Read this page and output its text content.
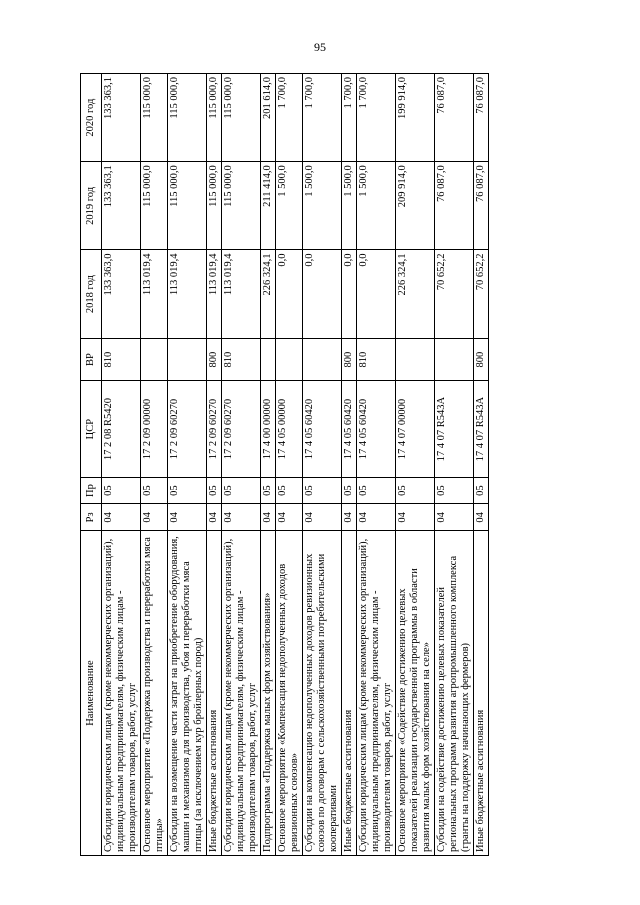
95
Наименование	Рз	Пр	ЦСР	ВР	2018 год	2019 год	2020 год
Субсидии юридическим лицам (кроме некоммерческих организаций), индивидуальным предпринимателям, физическим лицам - производителям товаров, работ, услуг	04	05	17 2 08 R5420	810	133 363,0	133 363,1	133 363,1
Основное мероприятие «Поддержка производства и переработки мяса птицы»	04	05	17 2 09 00000		113 019,4	115 000,0	115 000,0
Субсидии на возмещение части затрат на приобретение оборудования, машин и механизмов для производства, убоя и переработки мяса птицы (за исключением кур бройлерных пород)	04	05	17 2 09 60270		113 019,4	115 000,0	115 000,0
Иные бюджетные ассигнования	04	05	17 2 09 60270	800	113 019,4	115 000,0	115 000,0
Субсидии юридическим лицам (кроме некоммерческих организаций), индивидуальным предпринимателям, физическим лицам - производителям товаров, работ, услуг	04	05	17 2 09 60270	810	113 019,4	115 000,0	115 000,0
Подпрограмма «Поддержка малых форм хозяйствования»	04	05	17 4 00 00000		226 324,1	211 414,0	201 614,0
Основное мероприятие «Компенсация недополученных доходов ревизионных союзов»	04	05	17 4 05 00000		0,0	1 500,0	1 700,0
Субсидии на компенсацию недополученных доходов ревизионных союзов по договорам с сельскохозяйственными потребительскими кооперативами	04	05	17 4 05 60420		0,0	1 500,0	1 700,0
Иные бюджетные ассигнования	04	05	17 4 05 60420	800	0,0	1 500,0	1 700,0
Субсидии юридическим лицам (кроме некоммерческих организаций), индивидуальным предпринимателям, физическим лицам - производителям товаров, работ, услуг	04	05	17 4 05 60420	810	0,0	1 500,0	1 700,0
Основное мероприятие «Содействие достижению целевых показателей реализации государственной программы в области развития малых форм хозяйствования на селе»	04	05	17 4 07 00000		226 324,1	209 914,0	199 914,0
Субсидии на содействие достижению целевых показателей региональных программ развития агропромышленного комплекса (гранты на поддержку начинающих фермеров)	04	05	17 4 07 R543A		70 652,2	76 087,0	76 087,0
Иные бюджетные ассигнования	04	05	17 4 07 R543A	800	70 652,2	76 087,0	76 087,0
